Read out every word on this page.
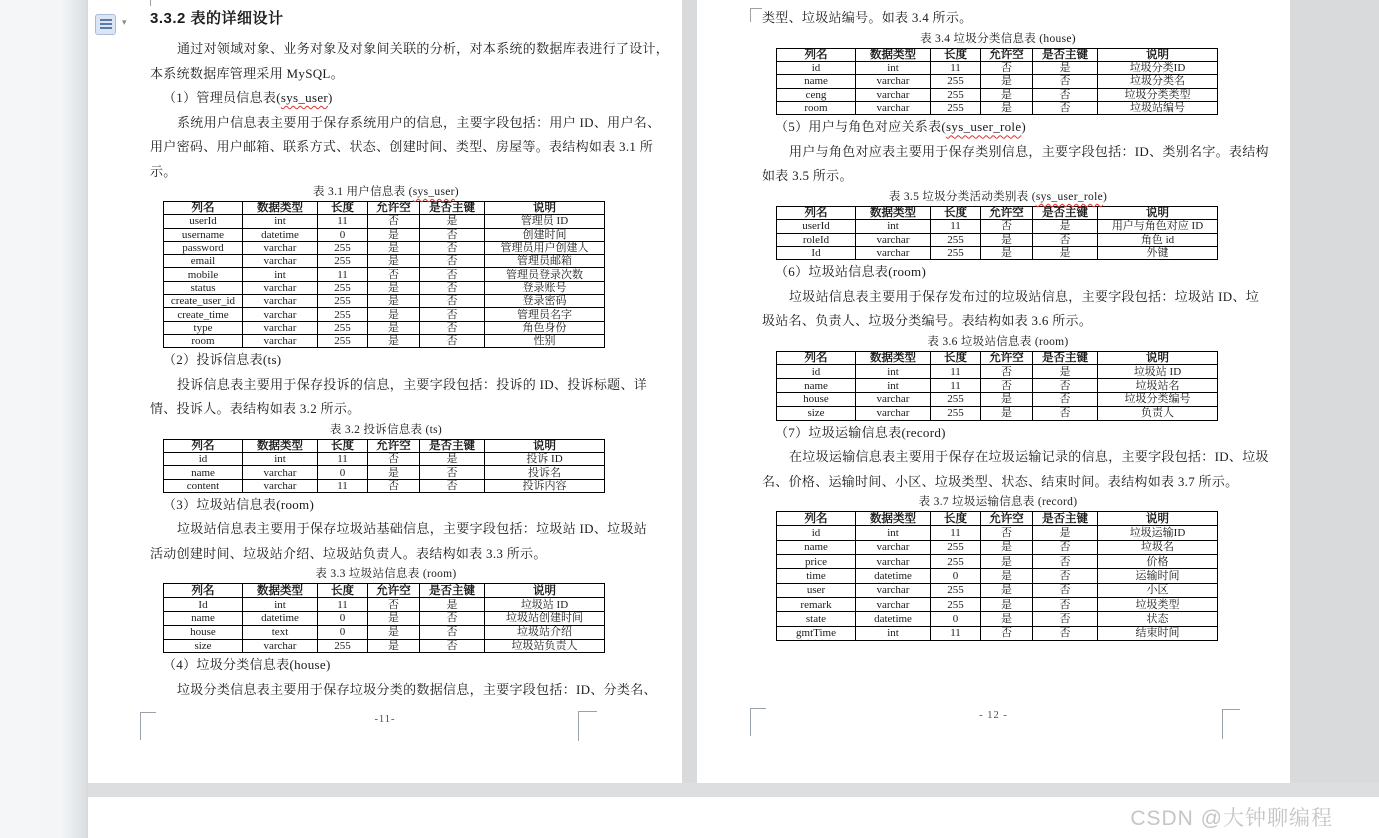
3.3.2 表的详细设计
通过对领域对象、业务对象及对象间关联的分析，对本系统的数据库表进行了设计，
本系统数据库管理采用 MySQL。
（1）管理员信息表(sys_user)
系统用户信息表主要用于保存系统用户的信息，主要字段包括：用户 ID、用户名、
用户密码、用户邮箱、联系方式、状态、创建时间、类型、房屋等。表结构如表 3.1 所
示。
表 3.1 用户信息表 (sys_user)
列名	数据类型	长度	允许空	是否主键	说明
userId	int	11	否	是	管理员 ID
username	datetime	0	是	否	创建时间
password	varchar	255	是	否	管理员用户创建人
email	varchar	255	是	否	管理员邮箱
mobile	int	11	否	否	管理员登录次数
status	varchar	255	是	否	登录账号
create_user_id	varchar	255	是	否	登录密码
create_time	varchar	255	是	否	管理员名字
type	varchar	255	是	否	角色身份
room	varchar	255	是	否	性别
（2）投诉信息表(ts)
投诉信息表主要用于保存投诉的信息，主要字段包括：投诉的 ID、投诉标题、详
情、投诉人。表结构如表 3.2 所示。
表 3.2 投诉信息表 (ts)
列名	数据类型	长度	允许空	是否主键	说明
id	int	11	否	是	投诉 ID
name	varchar	0	是	否	投诉名
content	varchar	11	否	否	投诉内容
（3）垃圾站信息表(room)
垃圾站信息表主要用于保存垃圾站基础信息，主要字段包括：垃圾站 ID、垃圾站
活动创建时间、垃圾站介绍、垃圾站负责人。表结构如表 3.3 所示。
表 3.3 垃圾站信息表 (room)
列名	数据类型	长度	允许空	是否主键	说明
Id	int	11	否	是	垃圾站 ID
name	datetime	0	是	否	垃圾站创建时间
house	text	0	是	否	垃圾站介绍
size	varchar	255	是	否	垃圾站负责人
（4）垃圾分类信息表(house)
垃圾分类信息表主要用于保存垃圾分类的数据信息，主要字段包括：ID、分类名、
-11-
类型、垃圾站编号。如表 3.4 所示。
表 3.4 垃圾分类信息表 (house)
列名	数据类型	长度	允许空	是否主键	说明
id	int	11	否	是	垃圾分类ID
name	varchar	255	是	否	垃圾分类名
ceng	varchar	255	是	否	垃圾分类类型
room	varchar	255	是	否	垃圾站编号
（5）用户与角色对应关系表(sys_user_role)
用户与角色对应表主要用于保存类别信息，主要字段包括：ID、类别名字。表结构
如表 3.5 所示。
表 3.5 垃圾分类活动类别表 (sys_user_role)
列名	数据类型	长度	允许空	是否主键	说明
userId	int	11	否	是	用户与角色对应 ID
roleId	varchar	255	是	否	角色 id
Id	varchar	255	是	是	外键
（6）垃圾站信息表(room)
垃圾站信息表主要用于保存发布过的垃圾站信息，主要字段包括：垃圾站 ID、垃
圾站名、负责人、垃圾分类编号。表结构如表 3.6 所示。
表 3.6 垃圾站信息表 (room)
列名	数据类型	长度	允许空	是否主键	说明
id	int	11	否	是	垃圾站 ID
name	int	11	否	否	垃圾站名
house	varchar	255	是	否	垃圾分类编号
size	varchar	255	是	否	负责人
（7）垃圾运输信息表(record)
在垃圾运输信息表主要用于保存在垃圾运输记录的信息，主要字段包括：ID、垃圾
名、价格、运输时间、小区、垃圾类型、状态、结束时间。表结构如表 3.7 所示。
表 3.7 垃圾运输信息表 (record)
列名	数据类型	长度	允许空	是否主键	说明
id	int	11	否	是	垃圾运输ID
name	varchar	255	是	否	垃圾名
price	varchar	255	是	否	价格
time	datetime	0	是	否	运输时间
user	varchar	255	是	否	小区
remark	varchar	255	是	否	垃圾类型
state	datetime	0	是	否	状态
gmtTime	int	11	否	否	结束时间
- 12 -
▾
CSDN @大钟聊编程
